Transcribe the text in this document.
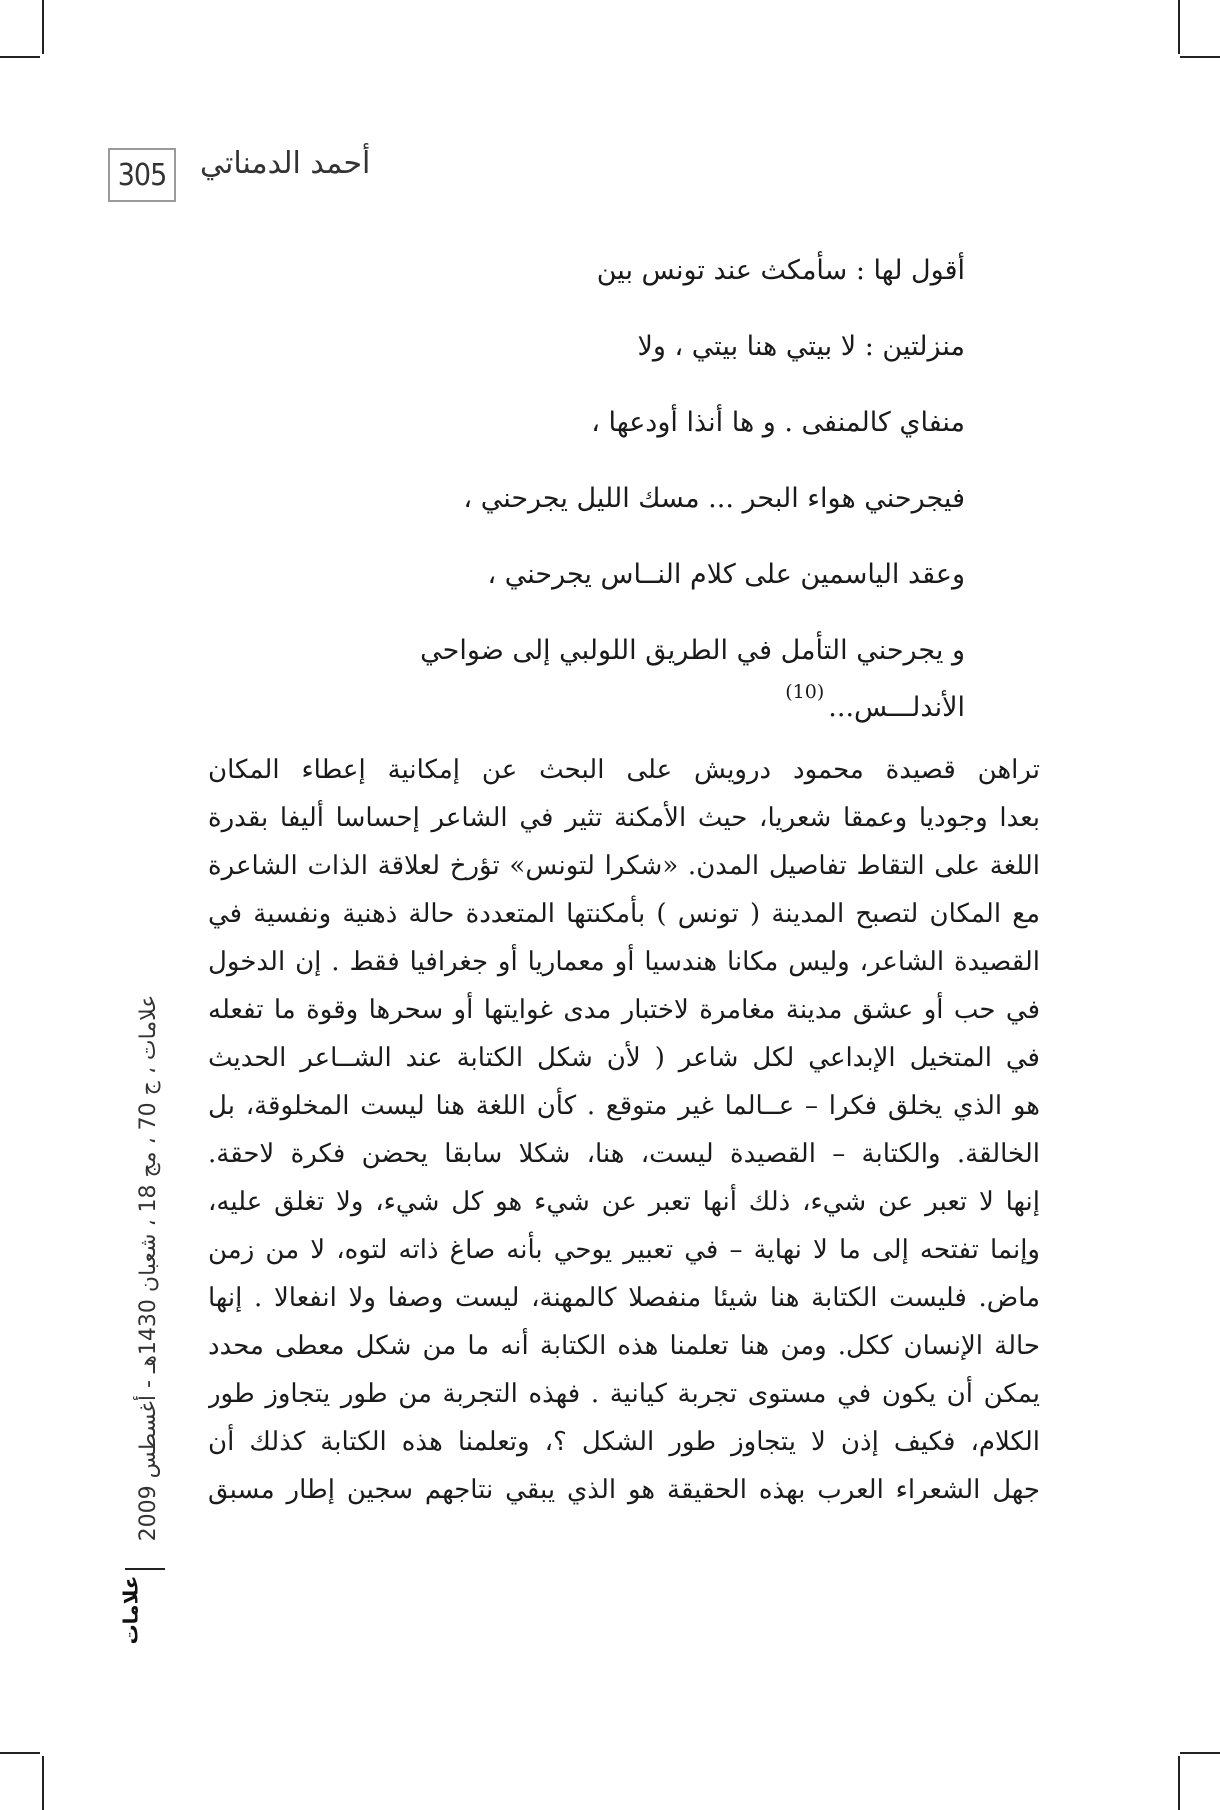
305 أحمد الدمناتي
أقول لها : سأمكث عند تونس بين
منزلتين : لا بيتي هنا بيتي ، ولا
منفاي كالمنفى . و ها أنذا أودعها ،
فيجرحني هواء البحر ... مسك الليل يجرحني ،
وعقد الياسمين على كلام النــاس يجرحني ،
و يجرحني التأمل في الطريق اللولبي إلى ضواحي
الأندلـــس...(10)
تراهن قصيدة محمود درويش على البحث عن إمكانية إعطاء المكان
بعدا وجوديا وعمقا شعريا، حيث الأمكنة تثير في الشاعر إحساسا أليفا بقدرة
اللغة على التقاط تفاصيل المدن. «شكرا لتونس» تؤرخ لعلاقة الذات الشاعرة
مع المكان لتصبح المدينة ( تونس ) بأمكنتها المتعددة حالة ذهنية ونفسية في
القصيدة الشاعر، وليس مكانا هندسيا أو معماريا أو جغرافيا فقط . إن الدخول
في حب أو عشق مدينة مغامرة لاختبار مدى غوايتها أو سحرها وقوة ما تفعله
في المتخيل الإبداعي لكل شاعر ( لأن شكل الكتابة عند الشــاعر الحديث
هو الذي يخلق فكرا – عــالما غير متوقع . كأن اللغة هنا ليست المخلوقة، بل
الخالقة. والكتابة – القصيدة ليست، هنا، شكلا سابقا يحضن فكرة لاحقة.
إنها لا تعبر عن شيء، ذلك أنها تعبر عن شيء هو كل شيء، ولا تغلق عليه،
وإنما تفتحه إلى ما لا نهاية – في تعبير يوحي بأنه صاغ ذاته لتوه، لا من زمن
ماض. فليست الكتابة هنا شيئا منفصلا كالمهنة، ليست وصفا ولا انفعالا . إنها
حالة الإنسان ككل. ومن هنا تعلمنا هذه الكتابة أنه ما من شكل معطى محدد
يمكن أن يكون في مستوى تجربة كيانية . فهذه التجربة من طور يتجاوز طور
الكلام، فكيف إذن لا يتجاوز طور الشكل ؟، وتعلمنا هذه الكتابة كذلك أن
جهل الشعراء العرب بهذه الحقيقة هو الذي يبقي نتاجهم سجين إطار مسبق
علامات ، ج 70 ، مج 18 ، شعبان 1430هـ - أغسطس 2009
علامات
